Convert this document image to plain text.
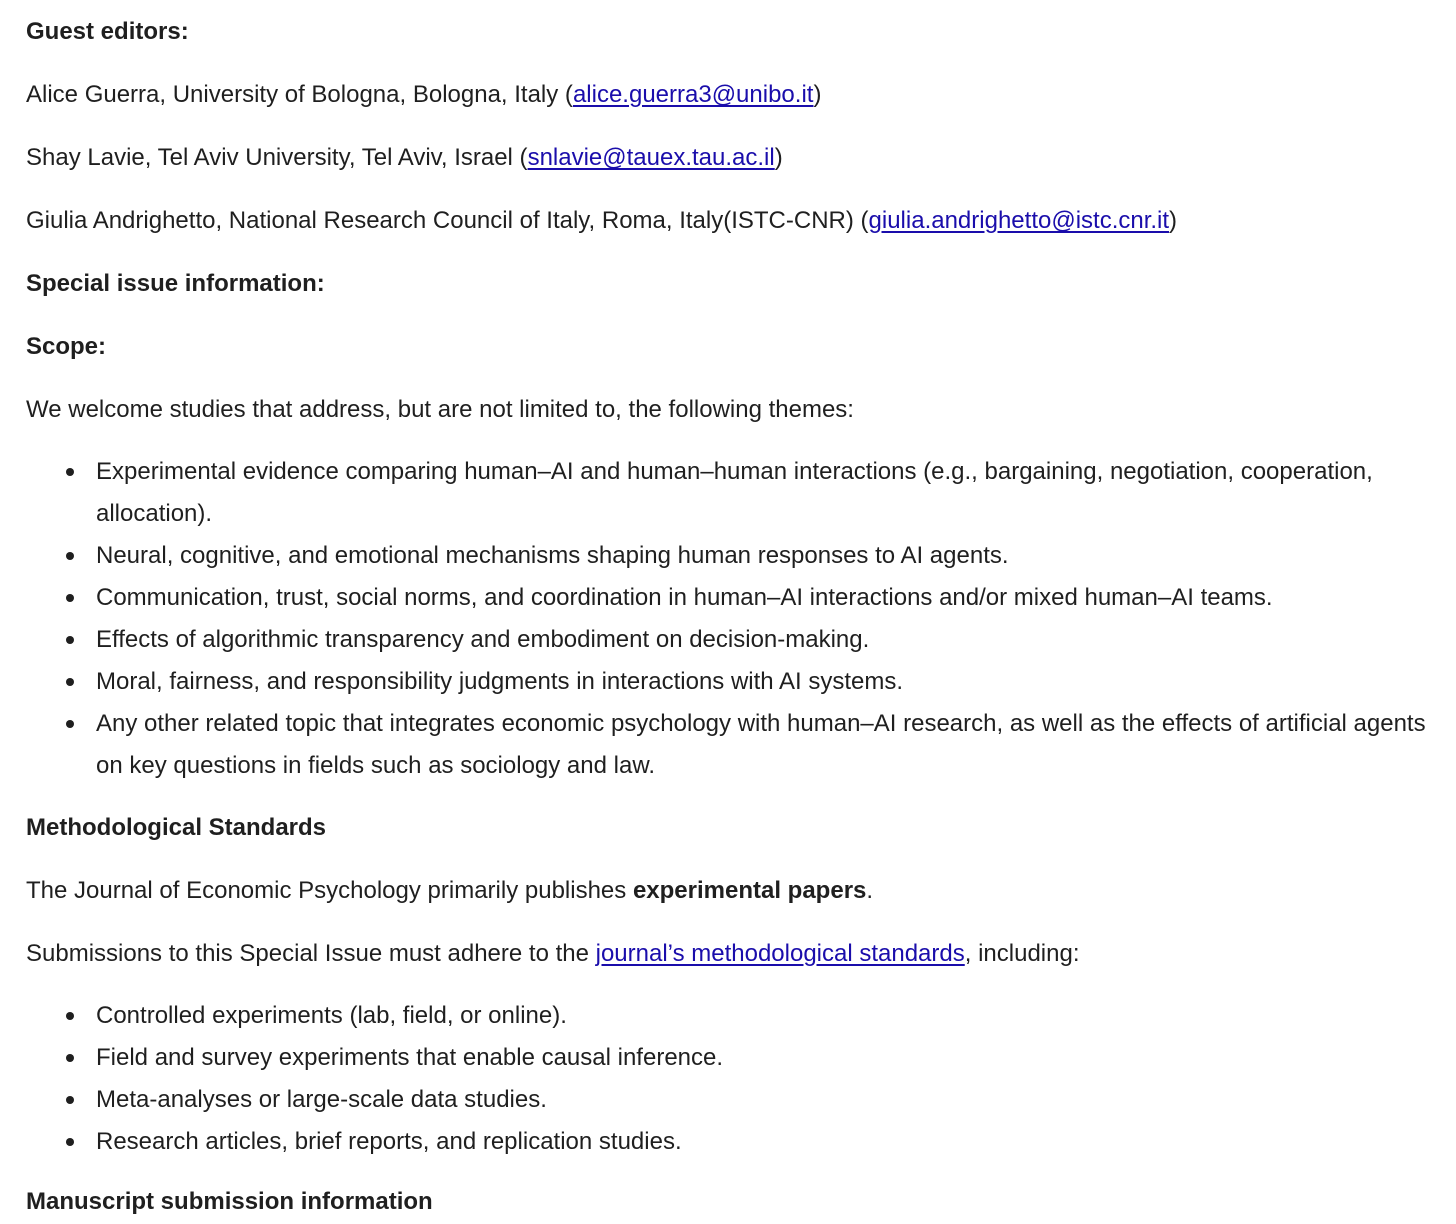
Guest editors:

Alice Guerra, University of Bologna, Bologna, Italy (alice.guerra3@unibo.it)

Shay Lavie, Tel Aviv University, Tel Aviv, Israel (snlavie@tauex.tau.ac.il)

Giulia Andrighetto, National Research Council of Italy, Roma, Italy(ISTC-CNR) (giulia.andrighetto@istc.cnr.it)

Special issue information:

Scope:

We welcome studies that address, but are not limited to, the following themes:

Experimental evidence comparing human–AI and human–human interactions (e.g., bargaining, negotiation, cooperation, allocation).
Neural, cognitive, and emotional mechanisms shaping human responses to AI agents.
Communication, trust, social norms, and coordination in human–AI interactions and/or mixed human–AI teams.
Effects of algorithmic transparency and embodiment on decision-making.
Moral, fairness, and responsibility judgments in interactions with AI systems.
Any other related topic that integrates economic psychology with human–AI research, as well as the effects of artificial agents on key questions in fields such as sociology and law.

Methodological Standards

The Journal of Economic Psychology primarily publishes experimental papers.

Submissions to this Special Issue must adhere to the journal’s methodological standards, including:

Controlled experiments (lab, field, or online).
Field and survey experiments that enable causal inference.
Meta-analyses or large-scale data studies.
Research articles, brief reports, and replication studies.
Manuscript submission information
